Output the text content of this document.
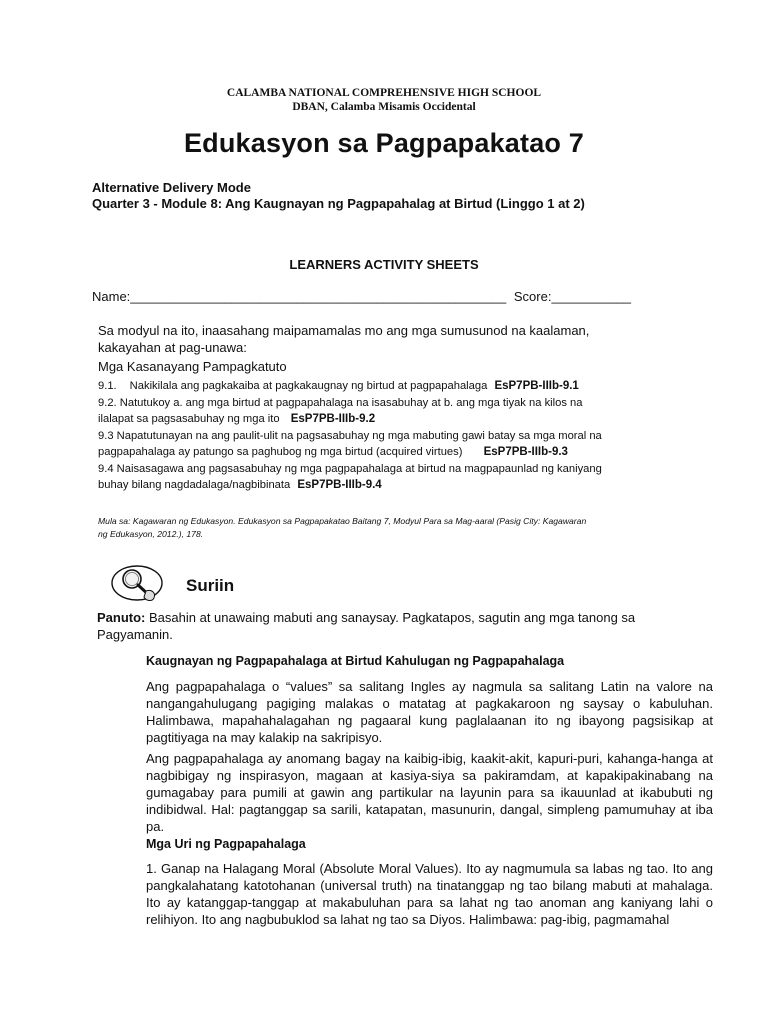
CALAMBA NATIONAL COMPREHENSIVE HIGH SCHOOL
DBAN, Calamba Misamis Occidental
Edukasyon sa Pagpapakatao 7
Alternative Delivery Mode
Quarter 3 - Module 8: Ang Kaugnayan ng Pagpapahalag at Birtud (Linggo 1 at 2)
LEARNERS ACTIVITY SHEETS
Name:____________________________________________________ Score:___________
Sa modyul na ito, inaasahang maipamamalas mo ang mga sumusunod na kaalaman,
kakayahan at pag-unawa:
Mga Kasanayang Pampagkatuto
9.1. Nakikilala ang pagkakaiba at pagkakaugnay ng birtud at pagpapahalaga EsP7PB-IIIb-9.1
9.2. Natutukoy a. ang mga birtud at pagpapahalaga na isasabuhay at b. ang mga tiyak na kilos na
ilalapat sa pagsasabuhay ng mga ito EsP7PB-IIIb-9.2
9.3 Napatutunayan na ang paulit-ulit na pagsasabuhay ng mga mabuting gawi batay sa mga moral na
pagpapahalaga ay patungo sa paghubog ng mga birtud (acquired virtues) EsP7PB-IIIb-9.3
9.4 Naisasagawa ang pagsasabuhay ng mga pagpapahalaga at birtud na magpapaunlad ng kaniyang
buhay bilang nagdadalaga/nagbibinata EsP7PB-IIIb-9.4
Mula sa: Kagawaran ng Edukasyon. Edukasyon sa Pagpapakatao Baitang 7, Modyul Para sa Mag-aaral (Pasig City: Kagawaran
ng Edukasyon, 2012.), 178.
Suriin
Panuto: Basahin at unawaing mabuti ang sanaysay. Pagkatapos, sagutin ang mga tanong sa
Pagyamanin.
Kaugnayan ng Pagpapahalaga at Birtud Kahulugan ng Pagpapahalaga
Ang pagpapahalaga o “values” sa salitang Ingles ay nagmula sa salitang Latin na valore na nangangahulugang pagiging malakas o matatag at pagkakaroon ng saysay o kabuluhan. Halimbawa, mapahahalagahan ng pagaaral kung paglalaanan ito ng ibayong pagsisikap at pagtitiyaga na may kalakip na sakripisyo.
Ang pagpapahalaga ay anomang bagay na kaibig-ibig, kaakit-akit, kapuri-puri, kahanga-hanga at nagbibigay ng inspirasyon, magaan at kasiya-siya sa pakiramdam, at kapakipakinabang na gumagabay para pumili at gawin ang partikular na layunin para sa ikauunlad at ikabubuti ng indibidwal. Hal: pagtanggap sa sarili, katapatan, masunurin, dangal, simpleng pamumuhay at iba pa.
Mga Uri ng Pagpapahalaga
1. Ganap na Halagang Moral (Absolute Moral Values). Ito ay nagmumula sa labas ng tao. Ito ang pangkalahatang katotohanan (universal truth) na tinatanggap ng tao bilang mabuti at mahalaga. Ito ay katanggap-tanggap at makabuluhan para sa lahat ng tao anoman ang kaniyang lahi o relihiyon. Ito ang nagbubuklod sa lahat ng tao sa Diyos. Halimbawa: pag-ibig, pagmamahal
